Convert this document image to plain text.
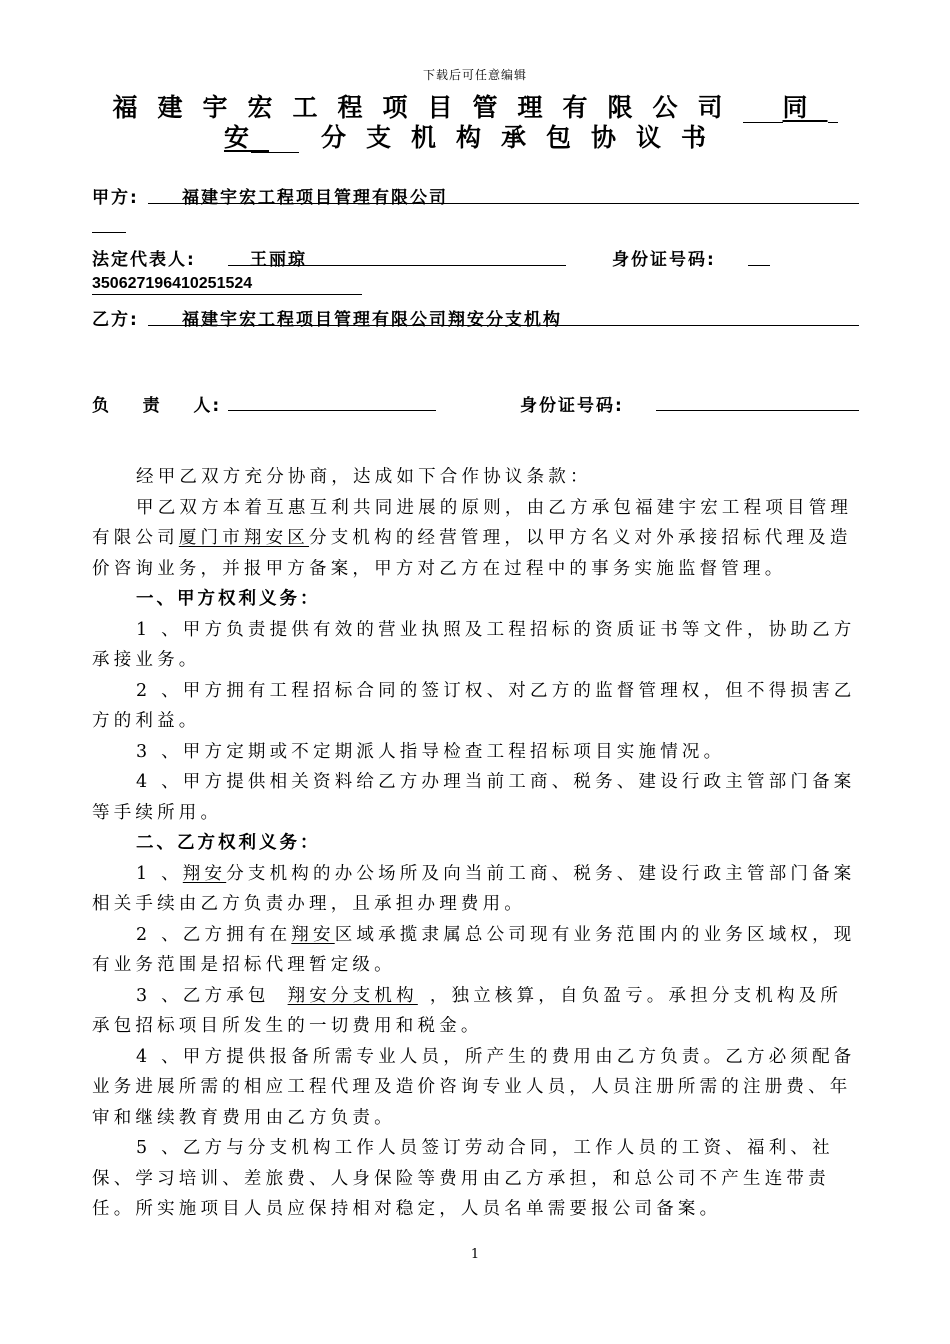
下载后可任意编辑
福建宇宏工程项目管理有限公司 同
安 分支机构承包协议书
甲方:	福建宇宏工程项目管理有限公司
法定代表人:	王丽琼	身份证号码:
350627196410251524
乙方:	福建宇宏工程项目管理有限公司翔安分支机构
负    责    人:	身份证号码:

经甲乙双方充分协商，达成如下合作协议条款：

甲乙双方本着互惠互利共同进展的原则，由乙方承包福建宇宏工程项目管理有限公司厦门市翔安区分支机构的经营管理，以甲方名义对外承接招标代理及造价咨询业务，并报甲方备案，甲方对乙方在过程中的事务实施监督管理。

一、甲方权利义务：

1 、甲方负责提供有效的营业执照及工程招标的资质证书等文件，协助乙方承接业务。

2 、甲方拥有工程招标合同的签订权、对乙方的监督管理权，但不得损害乙方的利益。

3 、甲方定期或不定期派人指导检查工程招标项目实施情况。

4 、甲方提供相关资料给乙方办理当前工商、税务、建设行政主管部门备案等手续所用。

二、乙方权利义务：

1 、翔安分支机构的办公场所及向当前工商、税务、建设行政主管部门备案相关手续由乙方负责办理，且承担办理费用。

2 、乙方拥有在翔安区域承揽隶属总公司现有业务范围内的业务区域权，现有业务范围是招标代理暂定级。

3 、乙方承包 翔安分支机构 ，独立核算，自负盈亏。承担分支机构及所承包招标项目所发生的一切费用和税金。

4 、甲方提供报备所需专业人员，所产生的费用由乙方负责。乙方必须配备业务进展所需的相应工程代理及造价咨询专业人员，人员注册所需的注册费、年审和继续教育费用由乙方负责。

5 、乙方与分支机构工作人员签订劳动合同，工作人员的工资、福利、社保、学习培训、差旅费、人身保险等费用由乙方承担，和总公司不产生连带责任。所实施项目人员应保持相对稳定，人员名单需要报公司备案。

1
